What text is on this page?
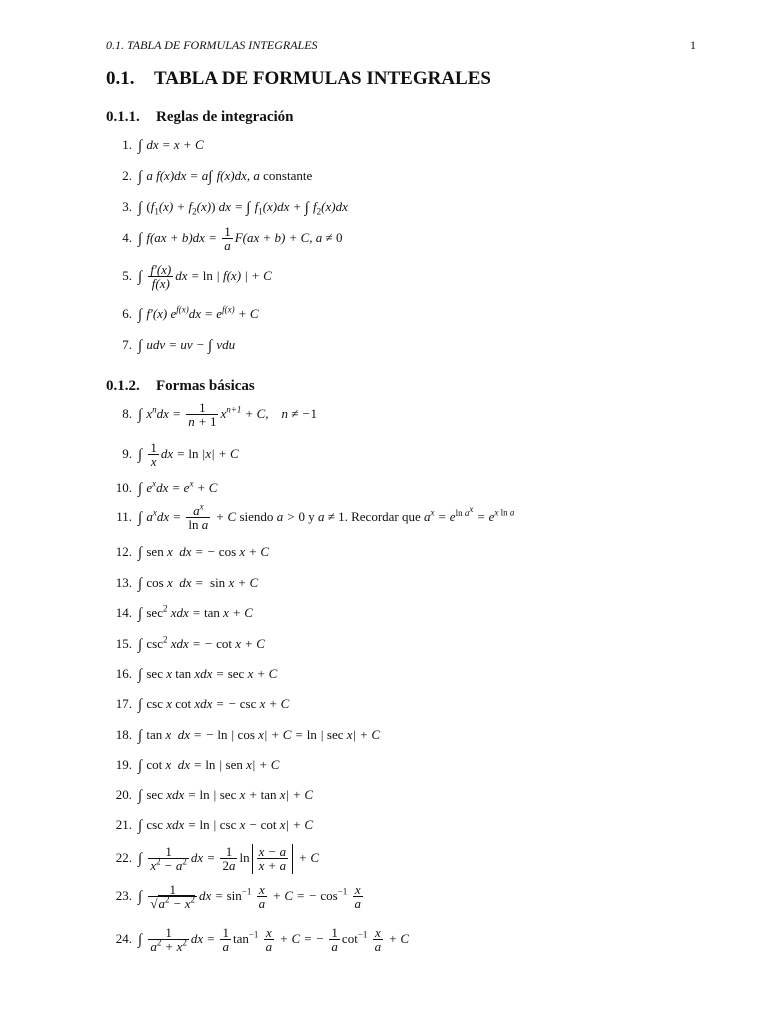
0.1. TABLA DE FORMULAS INTEGRALES	1
0.1. TABLA DE FORMULAS INTEGRALES
0.1.1. Reglas de integración
1. ∫ dx = x + C
2. ∫ a f(x)dx = a∫ f(x)dx, a constante
3. ∫ $(f_1(x) + f_2(x))$ dx = ∫ $f_1(x)dx$ + ∫ $f_2(x)dx$
4. ∫ $f(ax + b)dx = \frac{1}{a} F(ax + b) + C$, a ≠ 0
5. ∫ $\frac{f'(x)}{f(x)}$ dx = ln | f(x) | + C
6. ∫ f′(x) $e^{f(x)}dx = e^{f(x)} + C$
7. ∫ udv = uv − ∫ vdu
0.1.2. Formas básicas
8. ∫ $x^ndx = \frac{1}{n + 1} x^{n+1} + C$,    n ≠ −1
9. ∫ $\frac{1}{x}$ dx = ln |x| + C
10. ∫ $e^xdx = e^x + C$
11. ∫ $a^xdx = \frac{a^x}{\text{ln a}} + C$ siendo a > 0 y a ≠ 1. Recordar que $a^x = e^{ln a^x} = e^{x ln a}$
12. ∫ sen x  dx = − cos x + C
13. ∫ cos x  dx =  sin x + C
14. ∫ $\sec^2$ xdx = tan x + C
15. ∫ $\csc^2$ xdx = − cot x + C
16. ∫ sec x tan xdx = sec x + C
17. ∫ csc x cot xdx = − csc x + C
18. ∫ tan x  dx = − ln | cos x| + C = ln | sec x| + C
19. ∫ cot x  dx = ln | sen x| + C
20. ∫ sec xdx = ln | sec x + tan x| + C
21. ∫ csc xdx = ln | csc x − cot x| + C
22. ∫ $\frac{1}{x^2 - a^2}$ dx = $\frac{1}{2a}$ $\ln \frac{x - a}{x + a} + C$
23. ∫ $\frac{1}{√a^2 - x^2}$ dx = $\sin^{-1} \frac{x}{a} + C$ = − $\cos^{-1} \frac{x}{a}$
24. ∫ $\frac{1}{a^2 + x^2}$ dx = $\frac{1}{a} \tan^{-1} \frac{x}{a} + C$ = − $\frac{1}{a} \cot^{-1} \frac{x}{a} + C$
